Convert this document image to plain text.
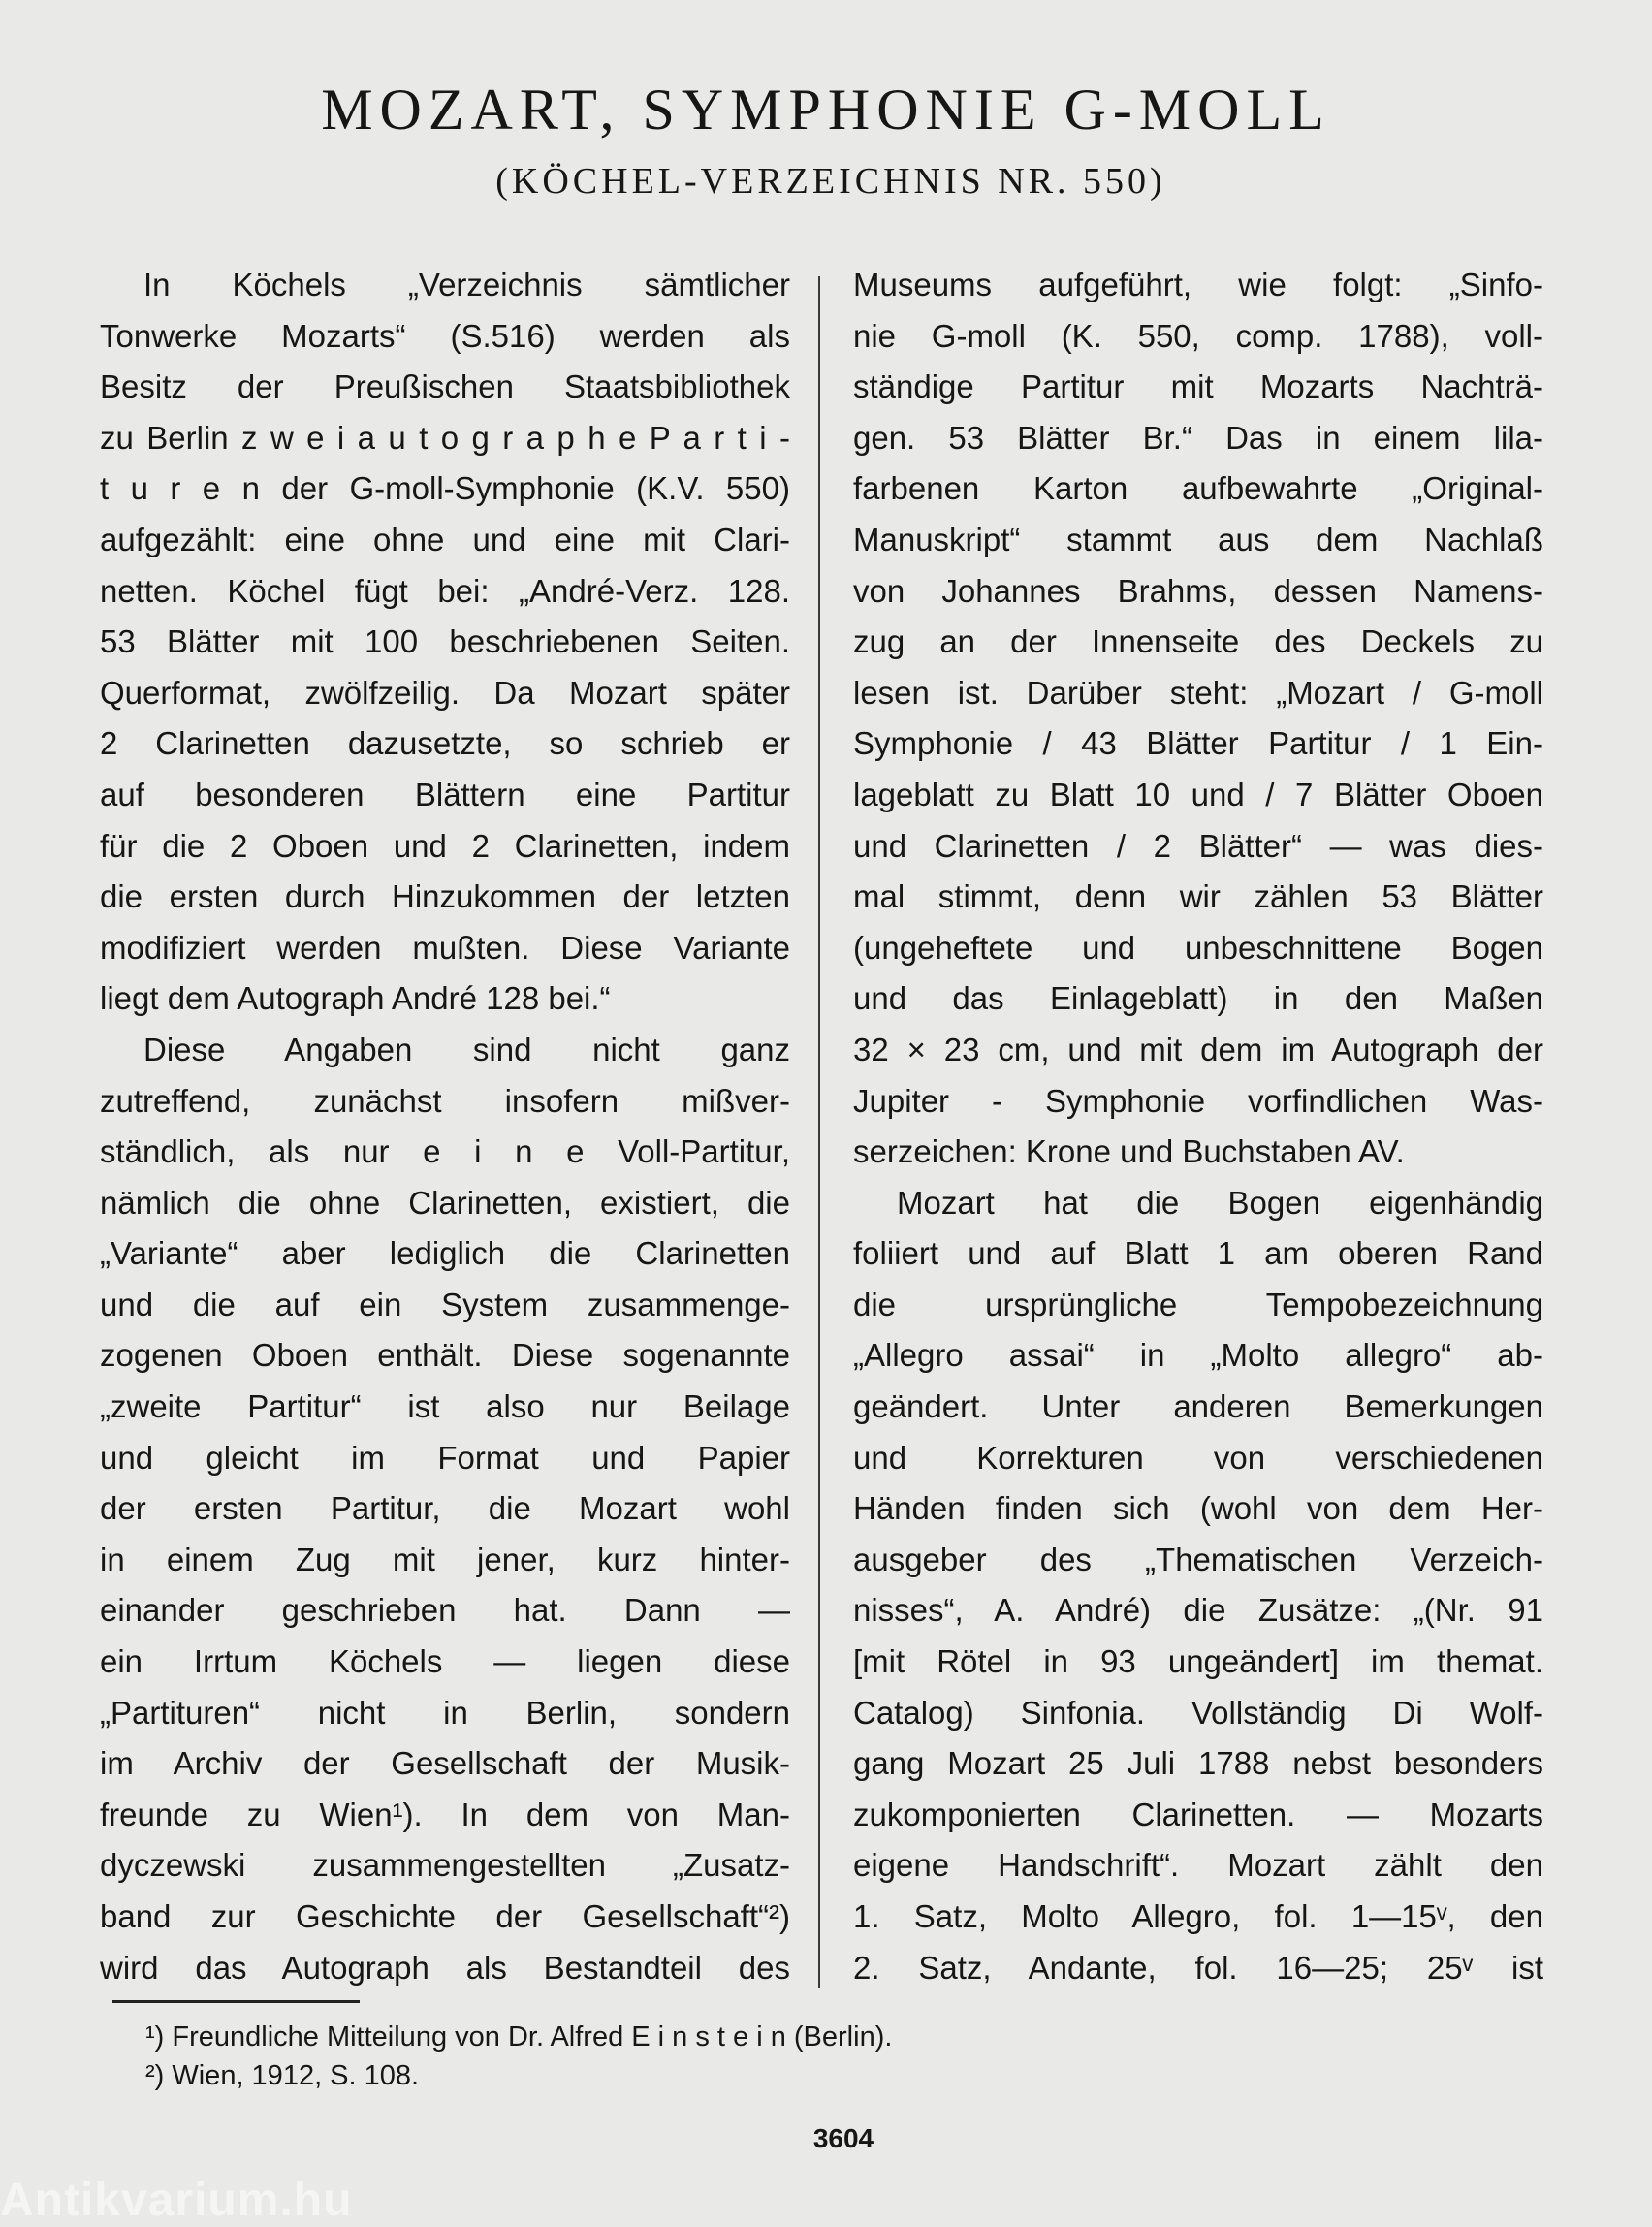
MOZART, SYMPHONIE G-MOLL
(KÖCHEL-VERZEICHNIS NR. 550)
In Köchels „Verzeichnis sämtlicher
Tonwerke Mozarts“ (S.516) werden als
Besitz der Preußischen Staatsbibliothek
zu Berlin z w e i a u t o g r a p h e P a r t i -
t u r e n der G-moll-Symphonie (K.V. 550)
aufgezählt: eine ohne und eine mit Clari-
netten. Köchel fügt bei: „André-Verz. 128.
53 Blätter mit 100 beschriebenen Seiten.
Querformat, zwölfzeilig. Da Mozart später
2 Clarinetten dazusetzte, so schrieb er
auf besonderen Blättern eine Partitur
für die 2 Oboen und 2 Clarinetten, indem
die ersten durch Hinzukommen der letzten
modifiziert werden mußten. Diese Variante
liegt dem Autograph André 128 bei.“
Diese Angaben sind nicht ganz
zutreffend, zunächst insofern mißver-
ständlich, als nur e i n e Voll-Partitur,
nämlich die ohne Clarinetten, existiert, die
„Variante“ aber lediglich die Clarinetten
und die auf ein System zusammenge-
zogenen Oboen enthält. Diese sogenannte
„zweite Partitur“ ist also nur Beilage
und gleicht im Format und Papier
der ersten Partitur, die Mozart wohl
in einem Zug mit jener, kurz hinter-
einander geschrieben hat. Dann —
ein Irrtum Köchels — liegen diese
„Partituren“ nicht in Berlin, sondern
im Archiv der Gesellschaft der Musik-
freunde zu Wien¹). In dem von Man-
dyczewski zusammengestellten „Zusatz-
band zur Geschichte der Gesellschaft“²)
wird das Autograph als Bestandteil des
Museums aufgeführt, wie folgt: „Sinfo-
nie G-moll (K. 550, comp. 1788), voll-
ständige Partitur mit Mozarts Nachträ-
gen. 53 Blätter Br.“ Das in einem lila-
farbenen Karton aufbewahrte „Original-
Manuskript“ stammt aus dem Nachlaß
von Johannes Brahms, dessen Namens-
zug an der Innenseite des Deckels zu
lesen ist. Darüber steht: „Mozart / G-moll
Symphonie / 43 Blätter Partitur / 1 Ein-
lageblatt zu Blatt 10 und / 7 Blätter Oboen
und Clarinetten / 2 Blätter“ — was dies-
mal stimmt, denn wir zählen 53 Blätter
(ungeheftete und unbeschnittene Bogen
und das Einlageblatt) in den Maßen
32 × 23 cm, und mit dem im Autograph der
Jupiter - Symphonie vorfindlichen Was-
serzeichen: Krone und Buchstaben AV.
Mozart hat die Bogen eigenhändig
foliiert und auf Blatt 1 am oberen Rand
die ursprüngliche Tempobezeichnung
„Allegro assai“ in „Molto allegro“ ab-
geändert. Unter anderen Bemerkungen
und Korrekturen von verschiedenen
Händen finden sich (wohl von dem Her-
ausgeber des „Thematischen Verzeich-
nisses“, A. André) die Zusätze: „(Nr. 91
[mit Rötel in 93 ungeändert] im themat.
Catalog) Sinfonia. Vollständig Di Wolf-
gang Mozart 25 Juli 1788 nebst besonders
zukomponierten Clarinetten. — Mozarts
eigene Handschrift“. Mozart zählt den
1. Satz, Molto Allegro, fol. 1—15ᵛ, den
2. Satz, Andante, fol. 16—25; 25ᵛ ist
¹) Freundliche Mitteilung von Dr. Alfred E i n s t e i n (Berlin).
²) Wien, 1912, S. 108.
3604
Antikvarium.hu
